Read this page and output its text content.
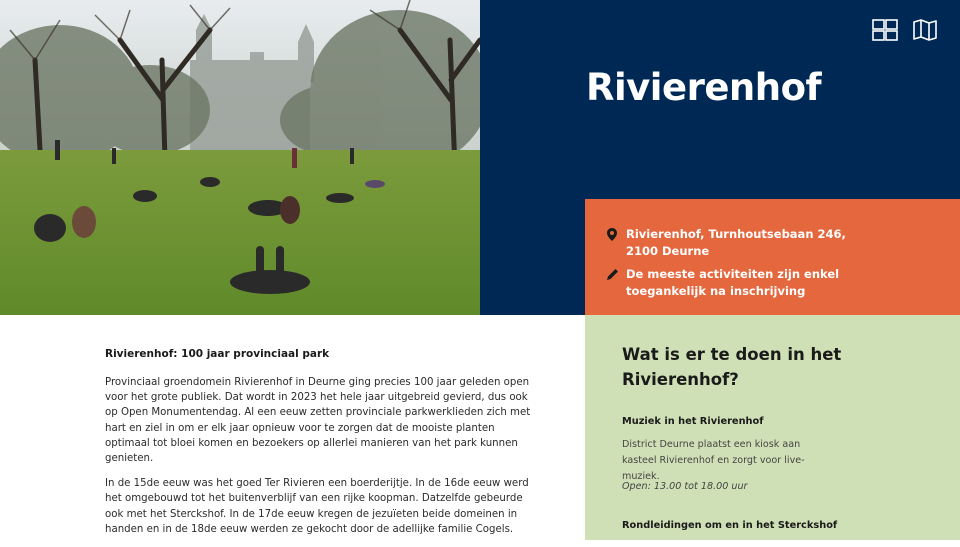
Rivierenhof
Rivierenhof, Turnhoutsebaan 246, 2100 Deurne
De meeste activiteiten zijn enkel toegankelijk na inschrijving
Rivierenhof: 100 jaar provinciaal park

Provinciaal groendomein Rivierenhof in Deurne ging precies 100 jaar geleden open voor het grote publiek. Dat wordt in 2023 het hele jaar uitgebreid gevierd, dus ook op Open Monumentendag. Al een eeuw zetten provinciale parkwerklieden zich met hart en ziel in om er elk jaar opnieuw voor te zorgen dat de mooiste planten optimaal tot bloei komen en bezoekers op allerlei manieren van het park kunnen genieten.

In de 15de eeuw was het goed Ter Rivieren een boerderijtje. In de 16de eeuw werd het omgebouwd tot het buitenverblijf van een rijke koopman. Datzelfde gebeurde ook met het Sterckshof. In de 17de eeuw kregen de jezuïeten beide domeinen in handen en in de 18de eeuw werden ze gekocht door de adellijke familie Cogels.

Wat is er te doen in het Rivierenhof?

Muziek in het Rivierenhof

District Deurne plaatst een kiosk aan kasteel Rivierenhof en zorgt voor live-muziek.

Open: 13.00 tot 18.00 uur

Rondleidingen om en in het Sterckshof
